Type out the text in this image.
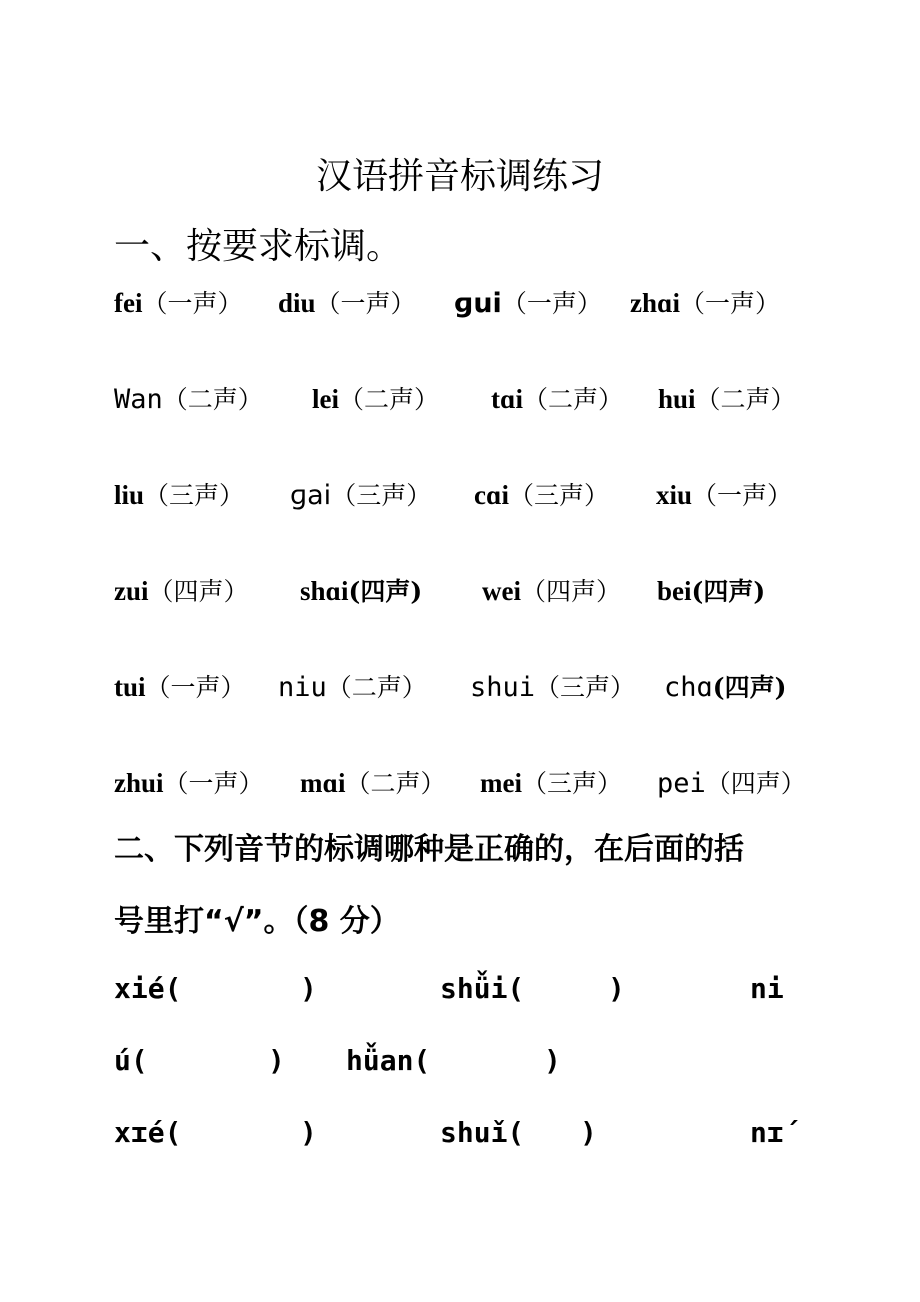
汉语拼音标调练习
一、按要求标调。
fei（一声） diu（一声） ɡui（一声） zhɑi（一声）
Wan（二声） lei（二声） tɑi（二声） hui（二声）
liu（三声） ɡai（三声） cɑi（三声） xiu（一声）
zui（四声） shɑi(四声) wei（四声） bei(四声)
tui（一声） niu（二声） shui（三声） chɑ(四声)
zhui（一声） mɑi（二声） mei（三声） pei（四声）
二、下列音节的标调哪种是正确的，在后面的括
号里打“√”。（8 分）
xié(	)	shǚi(	)	ni
ú(	) hǚan(	)
xɪ́e(	)	shuǐ( )	nɪ́
